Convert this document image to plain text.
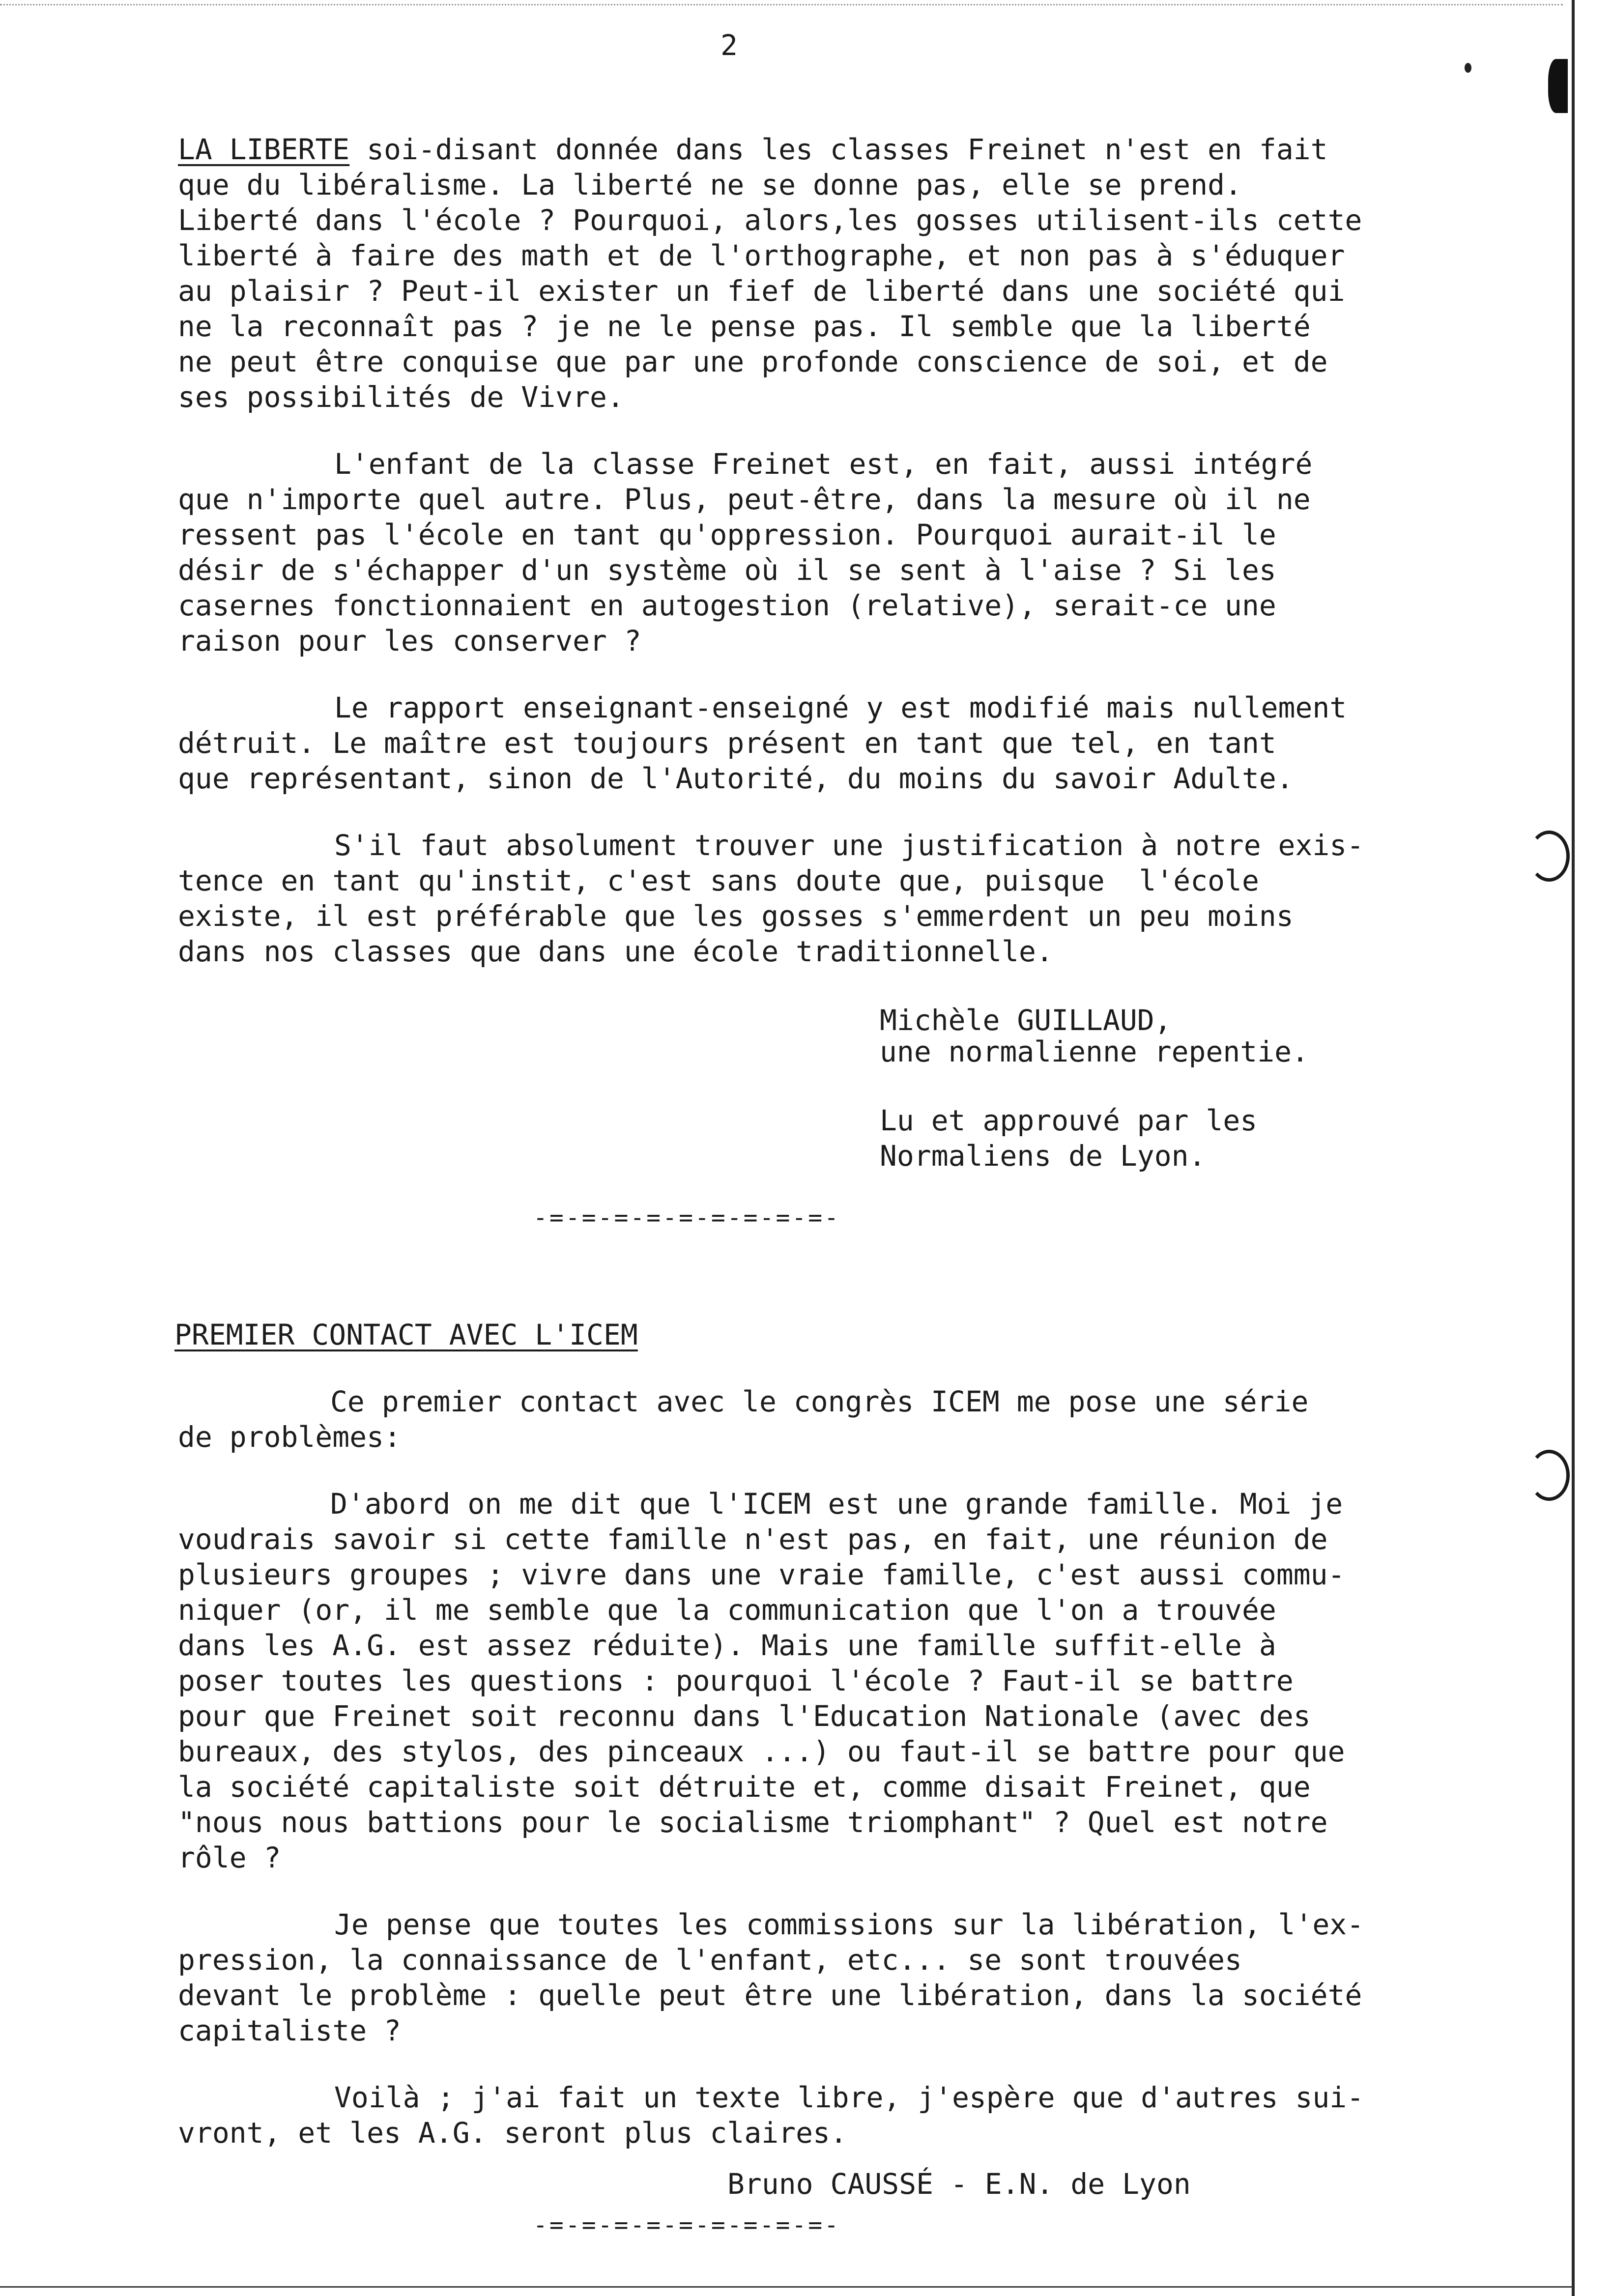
2
LA LIBERTE soi-disant donnée dans les classes Freinet n'est en fait
que du libéralisme. La liberté ne se donne pas, elle se prend.
Liberté dans l'école ? Pourquoi, alors,les gosses utilisent-ils cette
liberté à faire des math et de l'orthographe, et non pas à s'éduquer
au plaisir ? Peut-il exister un fief de liberté dans une société qui
ne la reconnaît pas ? je ne le pense pas. Il semble que la liberté
ne peut être conquise que par une profonde conscience de soi, et de
ses possibilités de Vivre.
L'enfant de la classe Freinet est, en fait, aussi intégré
que n'importe quel autre. Plus, peut-être, dans la mesure où il ne
ressent pas l'école en tant qu'oppression. Pourquoi aurait-il le
désir de s'échapper d'un système où il se sent à l'aise ? Si les
casernes fonctionnaient en autogestion (relative), serait-ce une
raison pour les conserver ?
Le rapport enseignant-enseigné y est modifié mais nullement
détruit. Le maître est toujours présent en tant que tel, en tant
que représentant, sinon de l'Autorité, du moins du savoir Adulte.
S'il faut absolument trouver une justification à notre exis-
tence en tant qu'instit, c'est sans doute que, puisque  l'école
existe, il est préférable que les gosses s'emmerdent un peu moins
dans nos classes que dans une école traditionnelle.
Michèle GUILLAUD,
une normalienne repentie.
Lu et approuvé par les
Normaliens de Lyon.
-=-=-=-=-=-=-=-=-=-
PREMIER CONTACT AVEC L'ICEM
Ce premier contact avec le congrès ICEM me pose une série
de problèmes:
D'abord on me dit que l'ICEM est une grande famille. Moi je
voudrais savoir si cette famille n'est pas, en fait, une réunion de
plusieurs groupes ; vivre dans une vraie famille, c'est aussi commu-
niquer (or, il me semble que la communication que l'on a trouvée
dans les A.G. est assez réduite). Mais une famille suffit-elle à
poser toutes les questions : pourquoi l'école ? Faut-il se battre
pour que Freinet soit reconnu dans l'Education Nationale (avec des
bureaux, des stylos, des pinceaux ...) ou faut-il se battre pour que
la société capitaliste soit détruite et, comme disait Freinet, que
"nous nous battions pour le socialisme triomphant" ? Quel est notre
rôle ?
Je pense que toutes les commissions sur la libération, l'ex-
pression, la connaissance de l'enfant, etc... se sont trouvées
devant le problème : quelle peut être une libération, dans la société
capitaliste ?
Voilà ; j'ai fait un texte libre, j'espère que d'autres sui-
vront, et les A.G. seront plus claires.
Bruno CAUSSÉ - E.N. de Lyon
-=-=-=-=-=-=-=-=-=-
